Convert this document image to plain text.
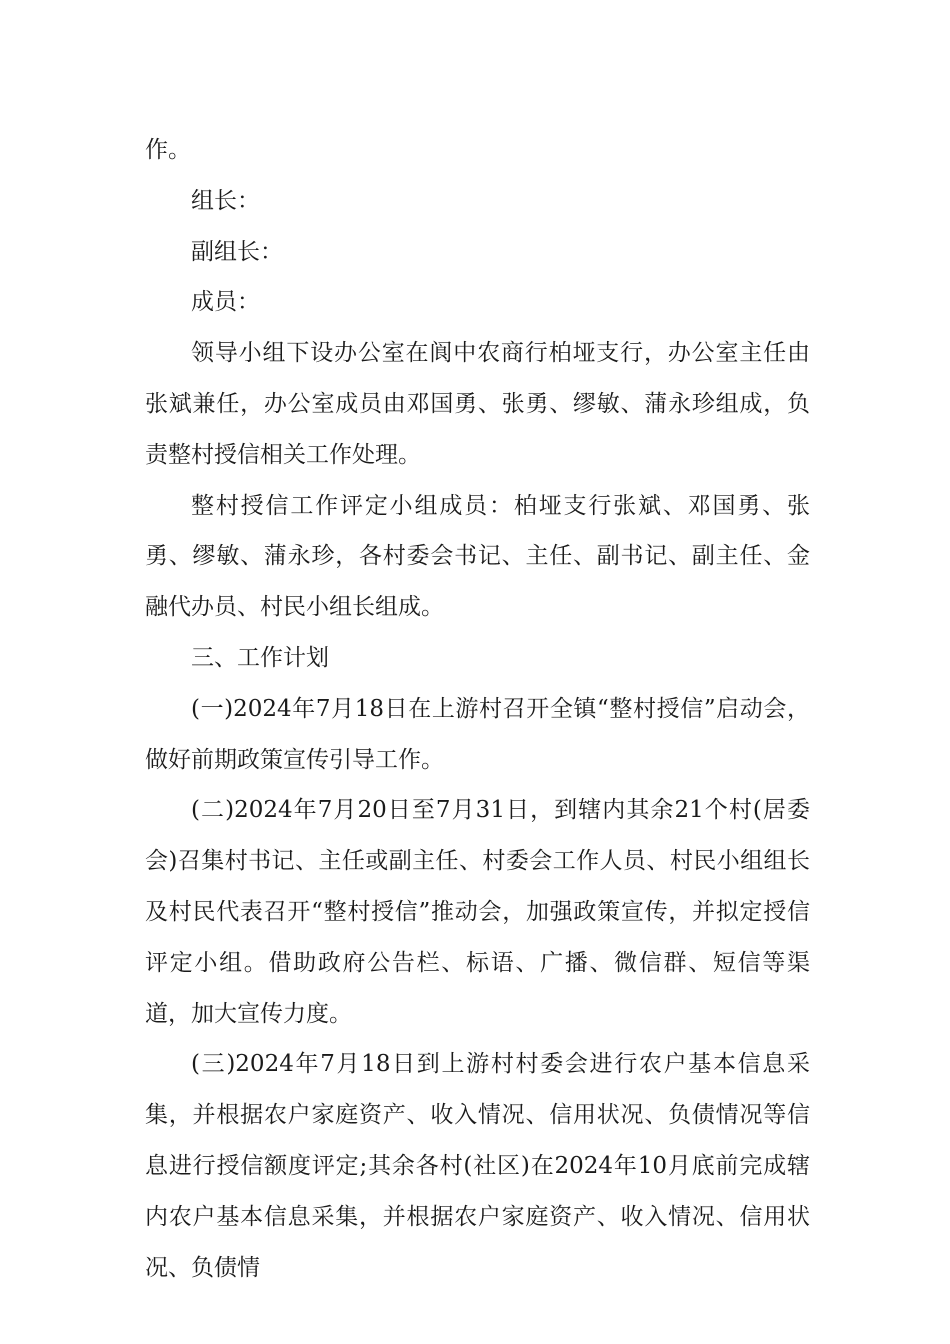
作。

组长：

副组长：

成员：

领导小组下设办公室在阆中农商行柏垭支行，办公室主任由张斌兼任，办公室成员由邓国勇、张勇、缪敏、蒲永珍组成，负责整村授信相关工作处理。

整村授信工作评定小组成员：柏垭支行张斌、邓国勇、张勇、缪敏、蒲永珍，各村委会书记、主任、副书记、副主任、金融代办员、村民小组长组成。

三、工作计划

(一)2024年7月18日在上游村召开全镇“整村授信”启动会，做好前期政策宣传引导工作。

(二)2024年7月20日至7月31日，到辖内其余21个村(居委会)召集村书记、主任或副主任、村委会工作人员、村民小组组长及村民代表召开“整村授信”推动会，加强政策宣传，并拟定授信评定小组。借助政府公告栏、标语、广播、微信群、短信等渠道，加大宣传力度。

(三)2024年7月18日到上游村村委会进行农户基本信息采集，并根据农户家庭资产、收入情况、信用状况、负债情况等信息进行授信额度评定;其余各村(社区)在2024年10月底前完成辖内农户基本信息采集，并根据农户家庭资产、收入情况、信用状况、负债情
